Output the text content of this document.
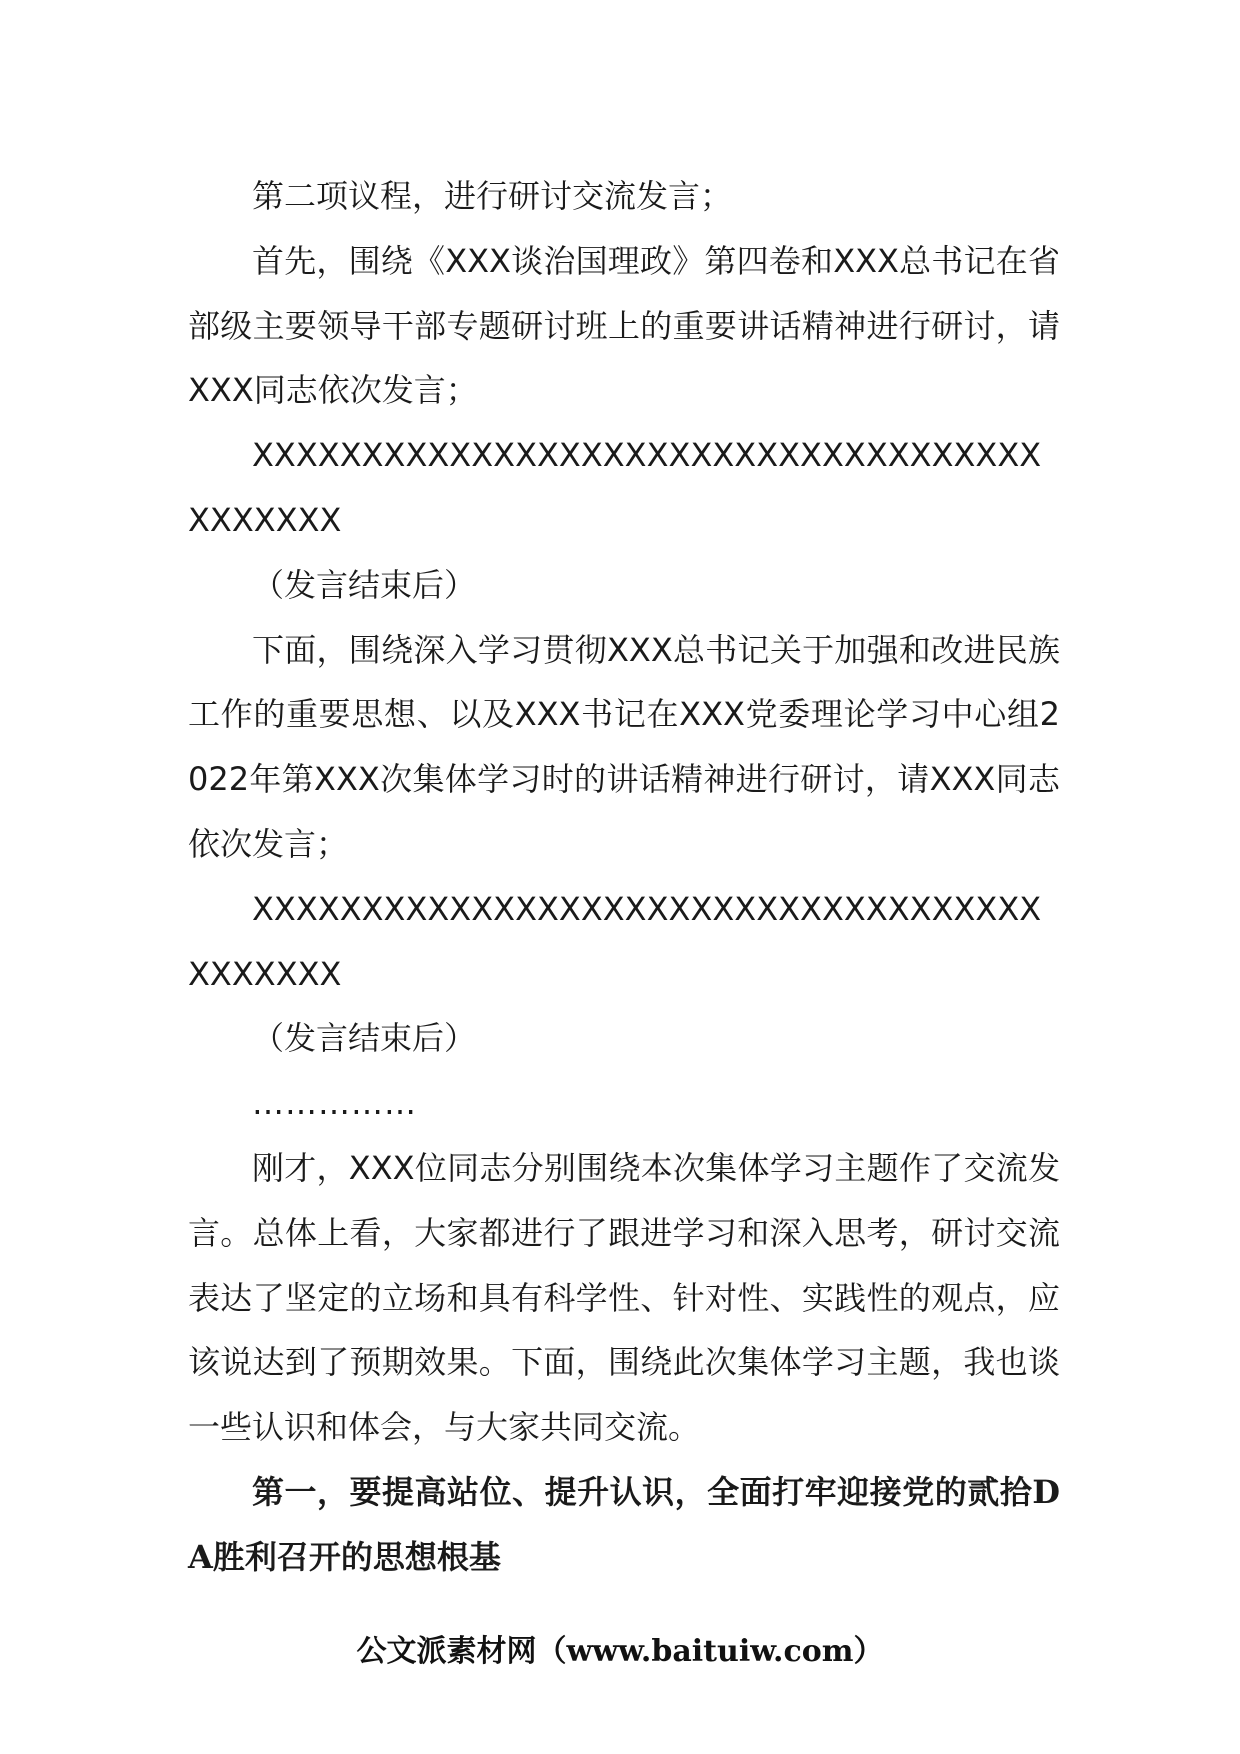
第二项议程，进行研讨交流发言；

首先，围绕《XXX谈治国理政》第四卷和XXX总书记在省部级主要领导干部专题研讨班上的重要讲话精神进行研讨，请XXX同志依次发言；

XXXXXXXXXXXXXXXXXXXXXXXXXXXXXXXXXXXXXXXXXXX

（发言结束后）

下面，围绕深入学习贯彻XXX总书记关于加强和改进民族工作的重要思想、以及XXX书记在XXX党委理论学习中心组2022年第XXX次集体学习时的讲话精神进行研讨，请XXX同志依次发言；

XXXXXXXXXXXXXXXXXXXXXXXXXXXXXXXXXXXXXXXXXXX

（发言结束后）

……………

刚才，XXX位同志分别围绕本次集体学习主题作了交流发言。总体上看，大家都进行了跟进学习和深入思考，研讨交流表达了坚定的立场和具有科学性、针对性、实践性的观点，应该说达到了预期效果。下面，围绕此次集体学习主题，我也谈一些认识和体会，与大家共同交流。

第一，要提高站位、提升认识，全面打牢迎接党的贰拾DA胜利召开的思想根基

公文派素材网（www.baituiw.com）
